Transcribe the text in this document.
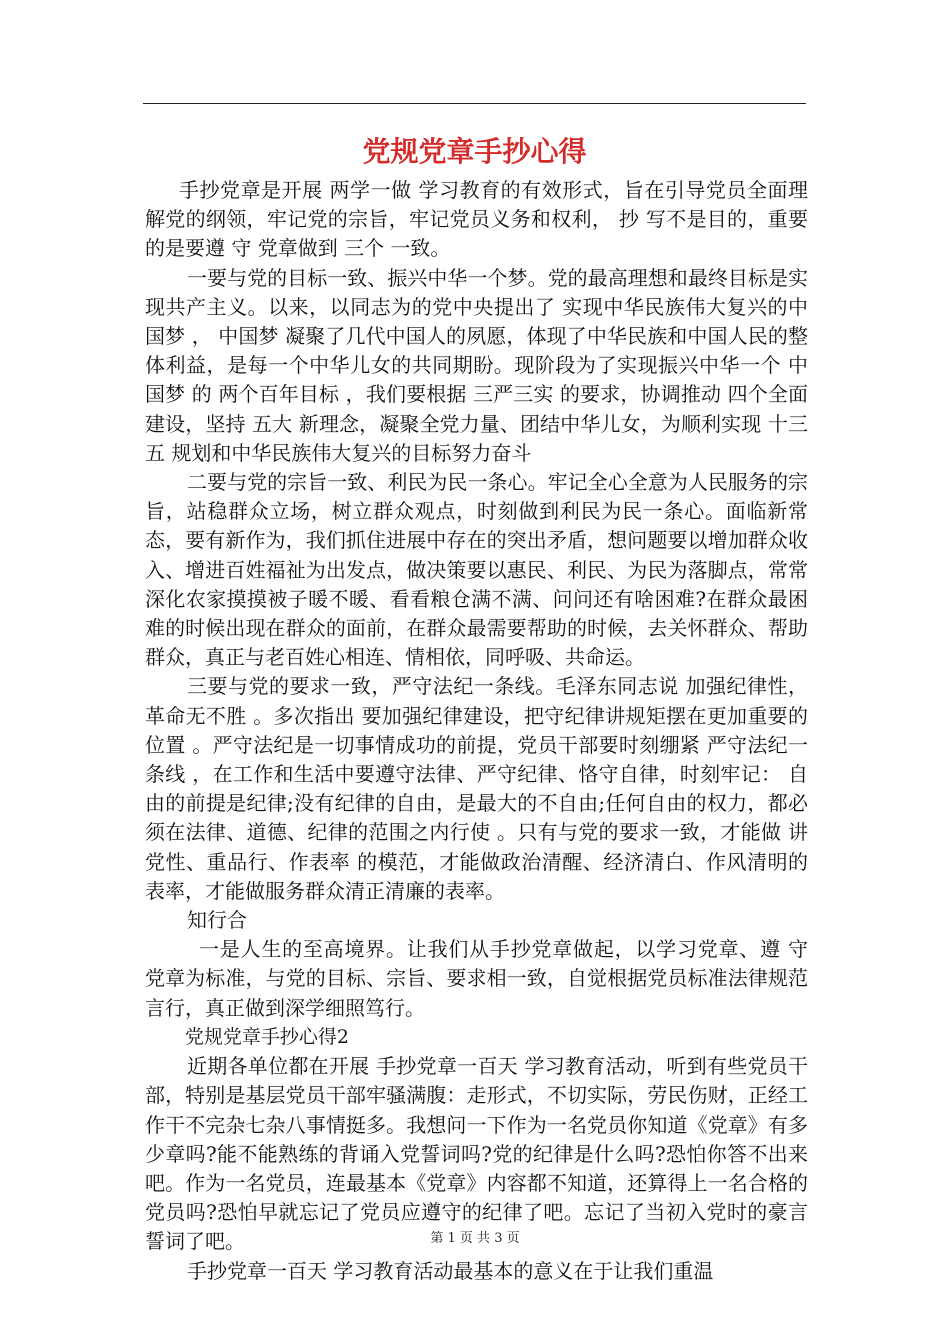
党规党章手抄心得

手抄党章是开展 两学一做 学习教育的有效形式，旨在引导党员全面理解党的纲领，牢记党的宗旨，牢记党员义务和权利， 抄 写不是目的，重要的是要遵 守 党章做到 三个 一致。

一要与党的目标一致、振兴中华一个梦。党的最高理想和最终目标是实现共产主义。以来，以同志为的党中央提出了 实现中华民族伟大复兴的中国梦 ， 中国梦 凝聚了几代中国人的夙愿，体现了中华民族和中国人民的整体利益，是每一个中华儿女的共同期盼。现阶段为了实现振兴中华一个 中国梦 的 两个百年目标 ，我们要根据 三严三实 的要求，协调推动 四个全面 建设，坚持 五大 新理念，凝聚全党力量、团结中华儿女，为顺利实现 十三五 规划和中华民族伟大复兴的目标努力奋斗

二要与党的宗旨一致、利民为民一条心。牢记全心全意为人民服务的宗旨，站稳群众立场，树立群众观点，时刻做到利民为民一条心。面临新常态，要有新作为，我们抓住进展中存在的突出矛盾，想问题要以增加群众收入、增进百姓福祉为出发点，做决策要以惠民、利民、为民为落脚点，常常深化农家摸摸被子暖不暖、看看粮仓满不满、问问还有啥困难?在群众最困难的时候出现在群众的面前，在群众最需要帮助的时候，去关怀群众、帮助群众，真正与老百姓心相连、情相依，同呼吸、共命运。

三要与党的要求一致，严守法纪一条线。毛泽东同志说 加强纪律性，革命无不胜 。多次指出 要加强纪律建设，把守纪律讲规矩摆在更加重要的位置 。严守法纪是一切事情成功的前提，党员干部要时刻绷紧 严守法纪一条线 ，在工作和生活中要遵守法律、严守纪律、恪守自律，时刻牢记： 自由的前提是纪律;没有纪律的自由，是最大的不自由;任何自由的权力，都必须在法律、道德、纪律的范围之内行使 。只有与党的要求一致，才能做 讲党性、重品行、作表率 的模范，才能做政治清醒、经济清白、作风清明的表率，才能做服务群众清正清廉的表率。

知行合

一是人生的至高境界。让我们从手抄党章做起，以学习党章、遵 守 党章为标准，与党的目标、宗旨、要求相一致，自觉根据党员标准法律规范言行，真正做到深学细照笃行。

党规党章手抄心得2

近期各单位都在开展 手抄党章一百天 学习教育活动，听到有些党员干部，特别是基层党员干部牢骚满腹：走形式，不切实际，劳民伤财，正经工作干不完杂七杂八事情挺多。我想问一下作为一名党员你知道《党章》有多少章吗?能不能熟练的背诵入党誓词吗?党的纪律是什么吗?恐怕你答不出来吧。作为一名党员，连最基本《党章》内容都不知道，还算得上一名合格的党员吗?恐怕早就忘记了党员应遵守的纪律了吧。忘记了当初入党时的豪言誓词了吧。

手抄党章一百天 学习教育活动最基本的意义在于让我们重温

第 1 页 共 3 页
